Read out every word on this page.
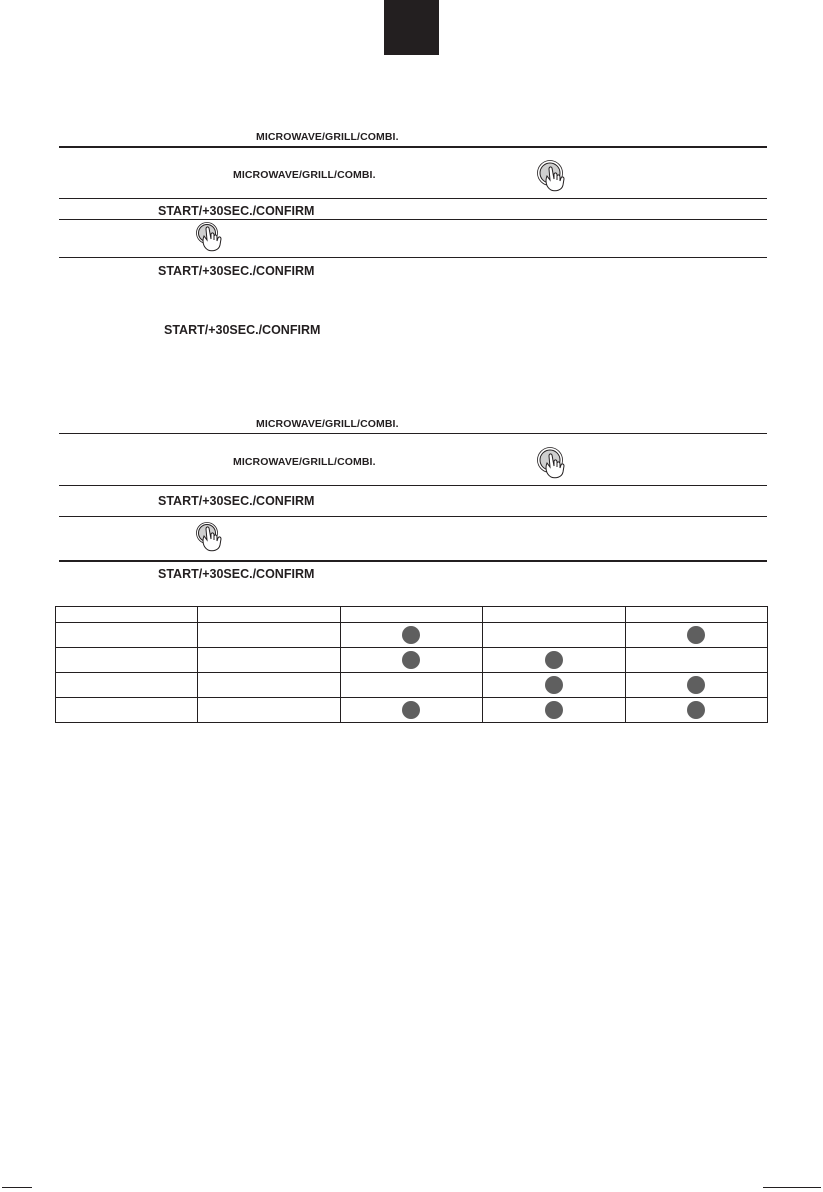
MICROWAVE/GRILL/COMBI.
MICROWAVE/GRILL/COMBI.
START/+30SEC./CONFIRM
START/+30SEC./CONFIRM
START/+30SEC./CONFIRM
MICROWAVE/GRILL/COMBI.
MICROWAVE/GRILL/COMBI.
START/+30SEC./CONFIRM
START/+30SEC./CONFIRM
